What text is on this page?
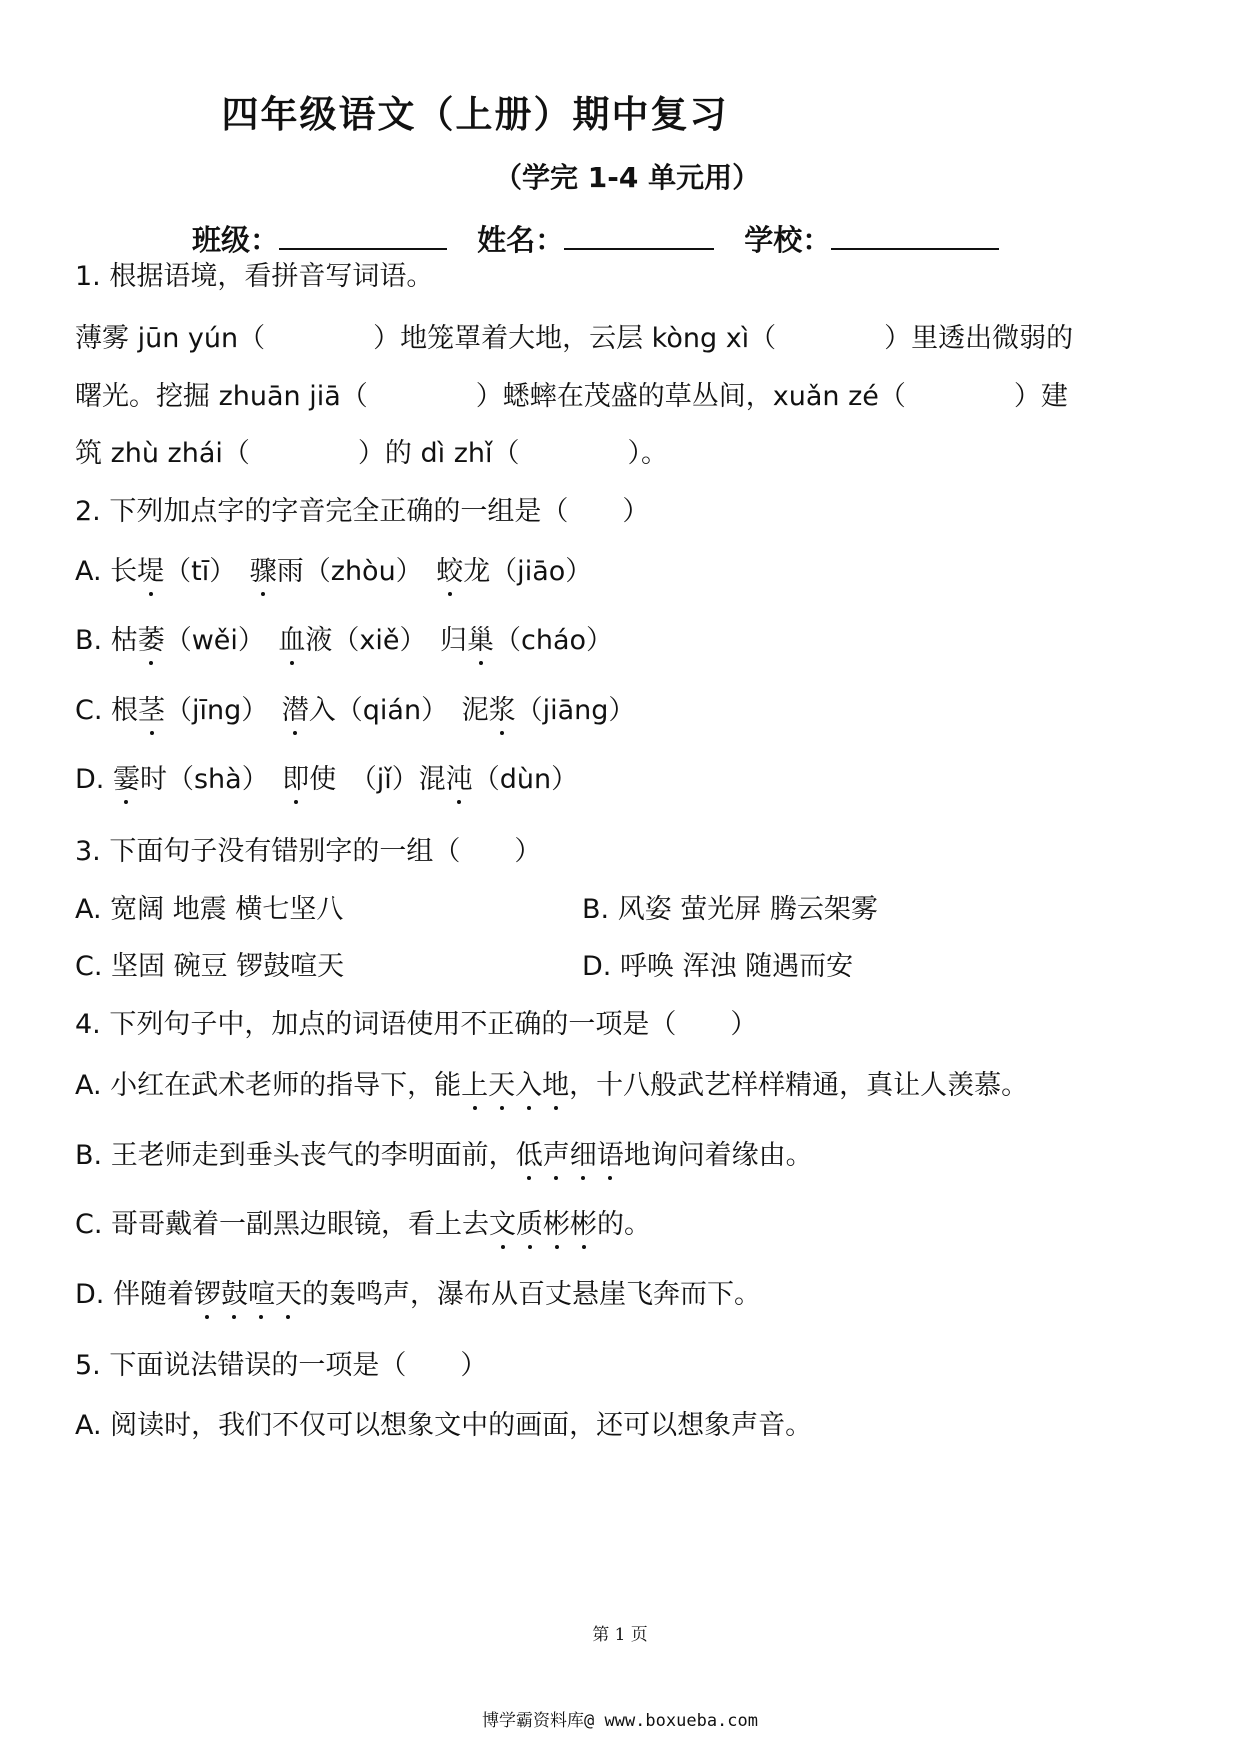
四年级语文（上册）期中复习
（学完 1-4 单元用）
班级：	姓名：	学校：
1. 根据语境，看拼音写词语。
薄雾 jūn yún（　　　　）地笼罩着大地，云层 kòng xì（　　　　）里透出微弱的
曙光。挖掘 zhuān jiā（　　　　）蟋蟀在茂盛的草丛间，xuǎn zé（　　　　）建
筑 zhù zhái（　　　　）的 dì zhǐ（　　　　）。
2. 下列加点字的字音完全正确的一组是（　　）
A. 长堤（tī）　骤雨（zhòu）　蛟龙（jiāo）
B. 枯萎（wěi）　血液（xiě）　归巢（cháo）
C. 根茎（jīng）　潜入（qián）　泥浆（jiāng）
D. 霎时（shà）　即使　（jǐ）混沌（dùn）
3. 下面句子没有错别字的一组（　　）
A. 宽阔 地震 横七坚八	B. 风姿 萤光屏 腾云架雾
C. 坚固 碗豆 锣鼓喧天	D. 呼唤 浑浊 随遇而安
4. 下列句子中，加点的词语使用不正确的一项是（　　）
A. 小红在武术老师的指导下，能上天入地，十八般武艺样样精通，真让人羡慕。
B. 王老师走到垂头丧气的李明面前，低声细语地询问着缘由。
C. 哥哥戴着一副黑边眼镜，看上去文质彬彬的。
D. 伴随着锣鼓喧天的轰鸣声，瀑布从百丈悬崖飞奔而下。
5. 下面说法错误的一项是（　　）
A. 阅读时，我们不仅可以想象文中的画面，还可以想象声音。
第 1 页
博学霸资料库@ www.boxueba.com
